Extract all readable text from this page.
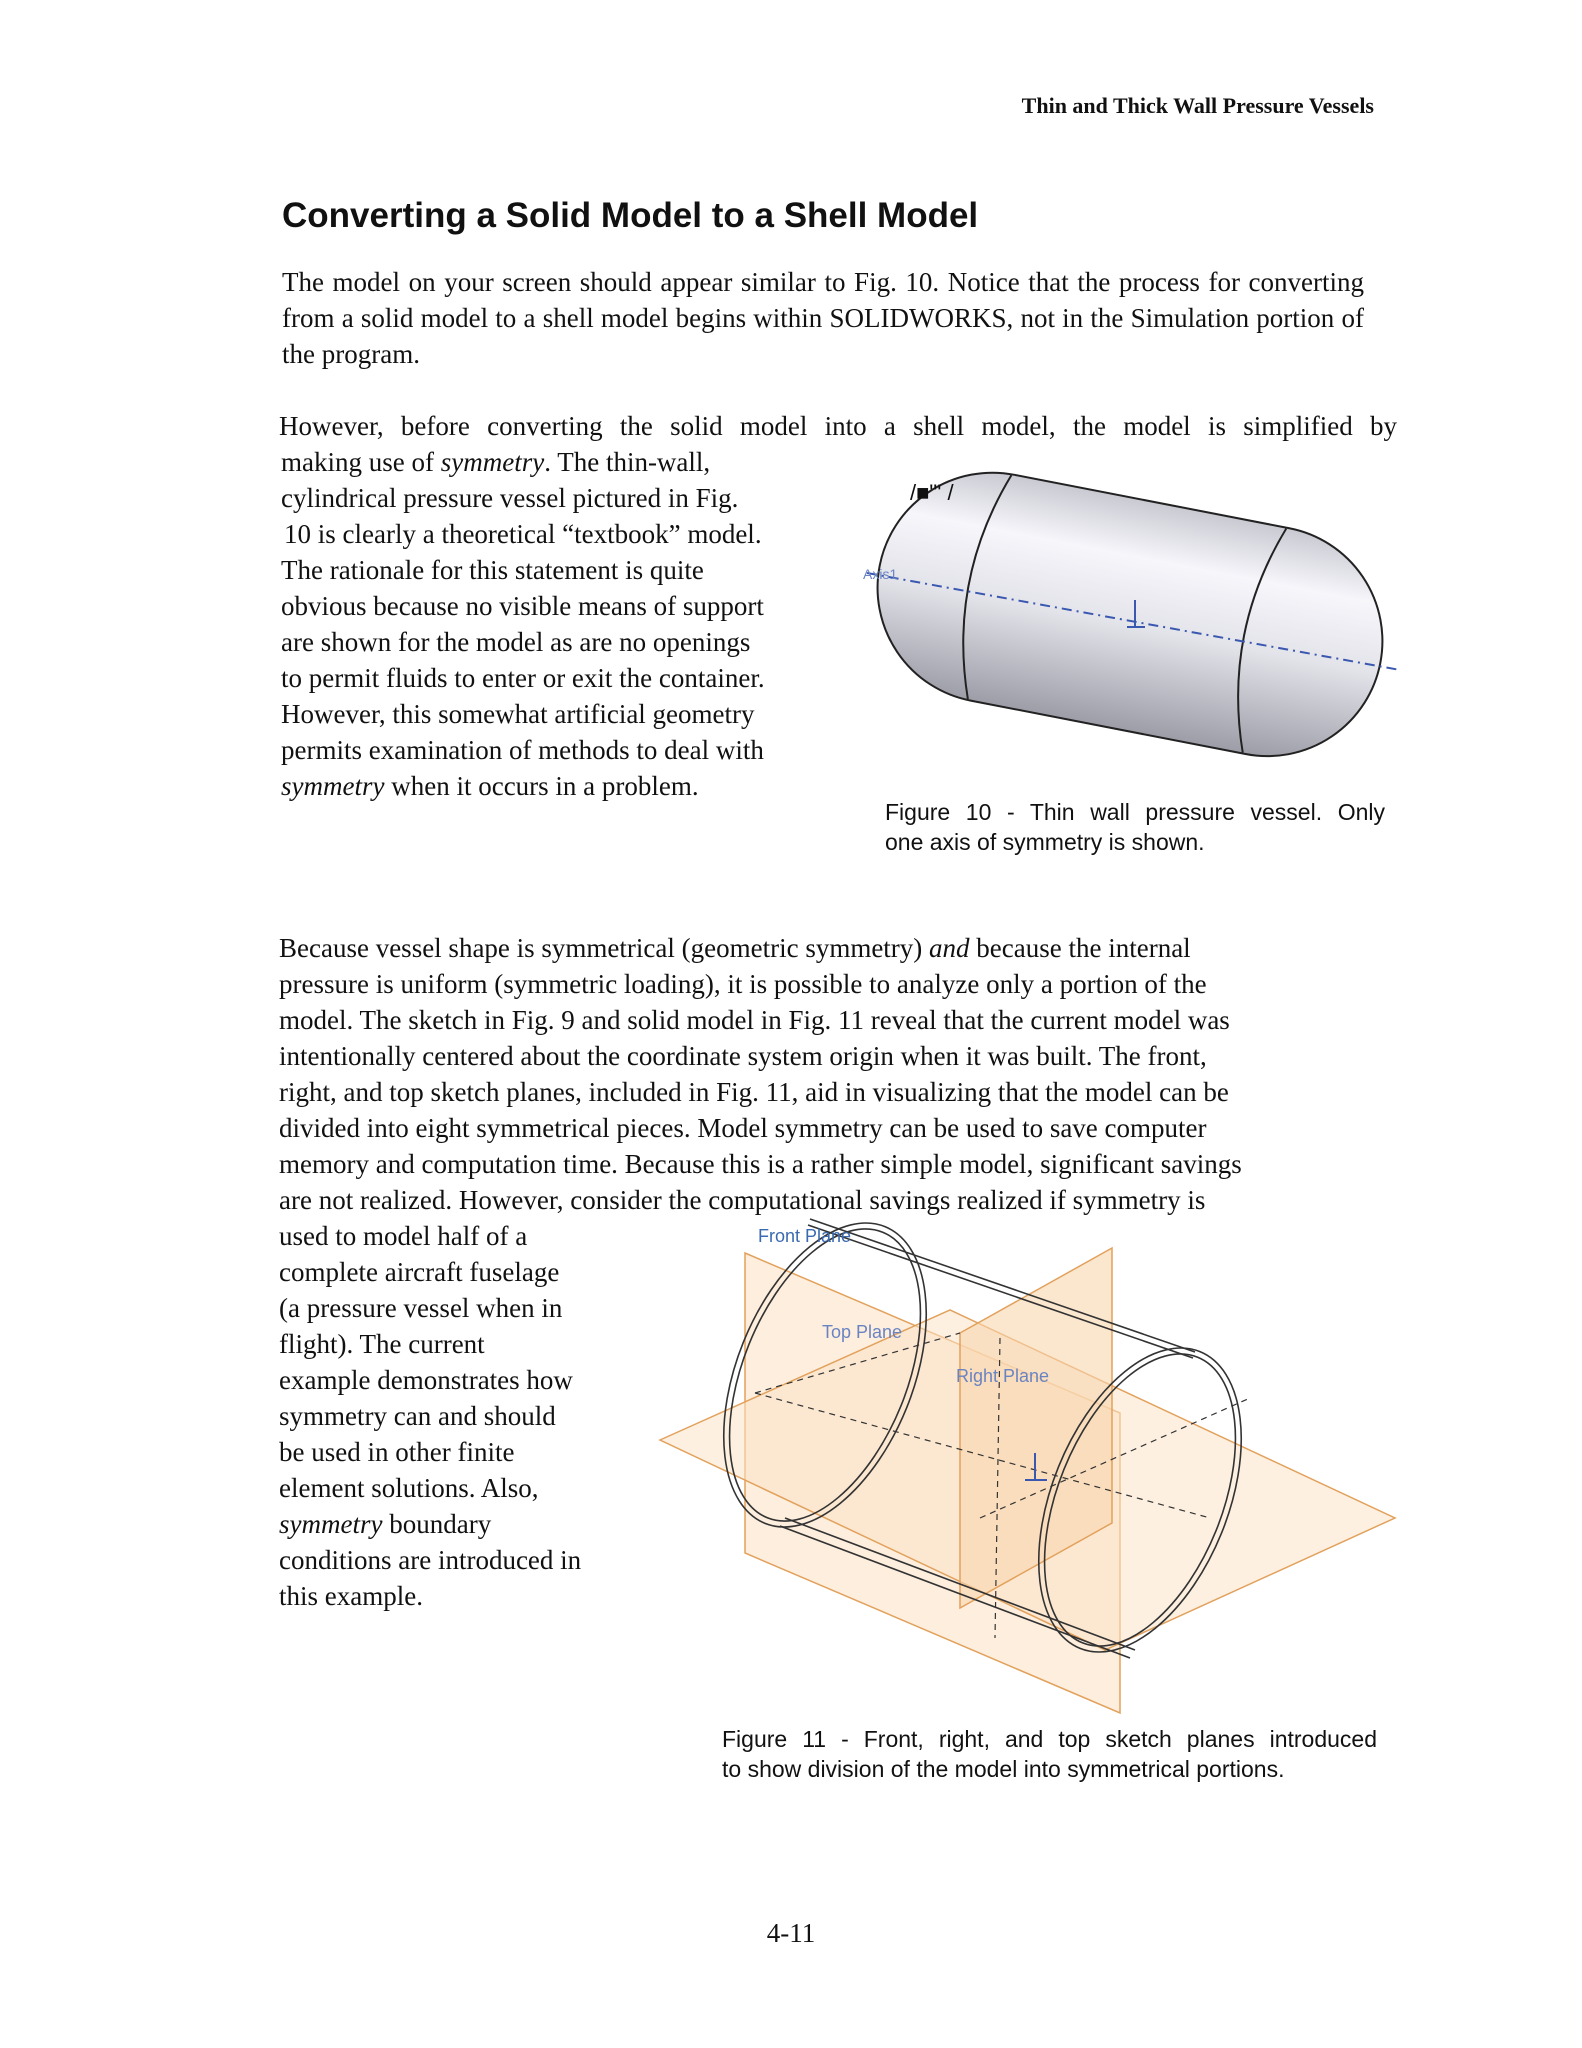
Thin and Thick Wall Pressure Vessels
Converting a Solid Model to a Shell Model

The model on your screen should appear similar to Fig. 10. Notice that the process for converting from a solid model to a shell model begins within SOLIDWORKS, not in the Simulation portion of the program.

However, before converting the solid model into a shell model, the model is simplified by
making use of symmetry. The thin-wall,
cylindrical pressure vessel pictured in Fig.
10 is clearly a theoretical “textbook” model.
The rationale for this statement is quite
obvious because no visible means of support
are shown for the model as are no openings
to permit fluids to enter or exit the container.
However, this somewhat artificial geometry
permits examination of methods to deal with
symmetry when it occurs in a problem.
Axis1
/■"' /
Figure 10 - Thin wall pressure vessel. Only
one axis of symmetry is shown.
Because vessel shape is symmetrical (geometric symmetry) and because the internal
pressure is uniform (symmetric loading), it is possible to analyze only a portion of the
model. The sketch in Fig. 9 and solid model in Fig. 11 reveal that the current model was
intentionally centered about the coordinate system origin when it was built. The front,
right, and top sketch planes, included in Fig. 11, aid in visualizing that the model can be
divided into eight symmetrical pieces. Model symmetry can be used to save computer
memory and computation time. Because this is a rather simple model, significant savings
are not realized. However, consider the computational savings realized if symmetry is
used to model half of a
complete aircraft fuselage
(a pressure vessel when in
flight). The current
example demonstrates how
symmetry can and should
be used in other finite
element solutions. Also,
symmetry boundary
conditions are introduced in
this example.
Front Plane
Top Plane
Right Plane
Figure 11 - Front, right, and top sketch planes introduced
to show division of the model into symmetrical portions.
4-11
